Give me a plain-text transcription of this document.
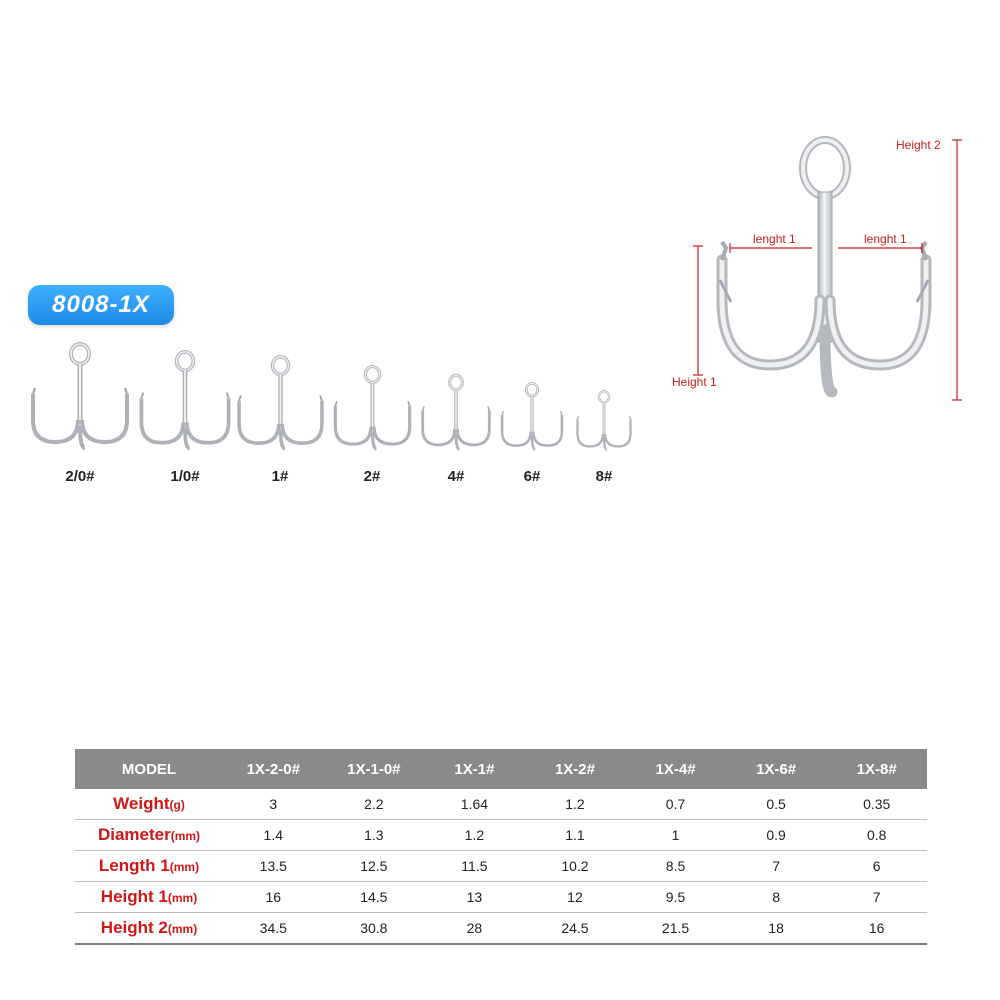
8008-1X
2/0#	1/0#	1#	2#	4#	6#	8#
Height 2
lenght 1	lenght 1
Height 1
MODEL	1X-2-0#	1X-1-0#	1X-1#	1X-2#	1X-4#	1X-6#	1X-8#
Weight(g)	3	2.2	1.64	1.2	0.7	0.5	0.35
Diameter(mm)	1.4	1.3	1.2	1.1	1	0.9	0.8
Length 1(mm)	13.5	12.5	11.5	10.2	8.5	7	6
Height 1(mm)	16	14.5	13	12	9.5	8	7
Height 2(mm)	34.5	30.8	28	24.5	21.5	18	16
